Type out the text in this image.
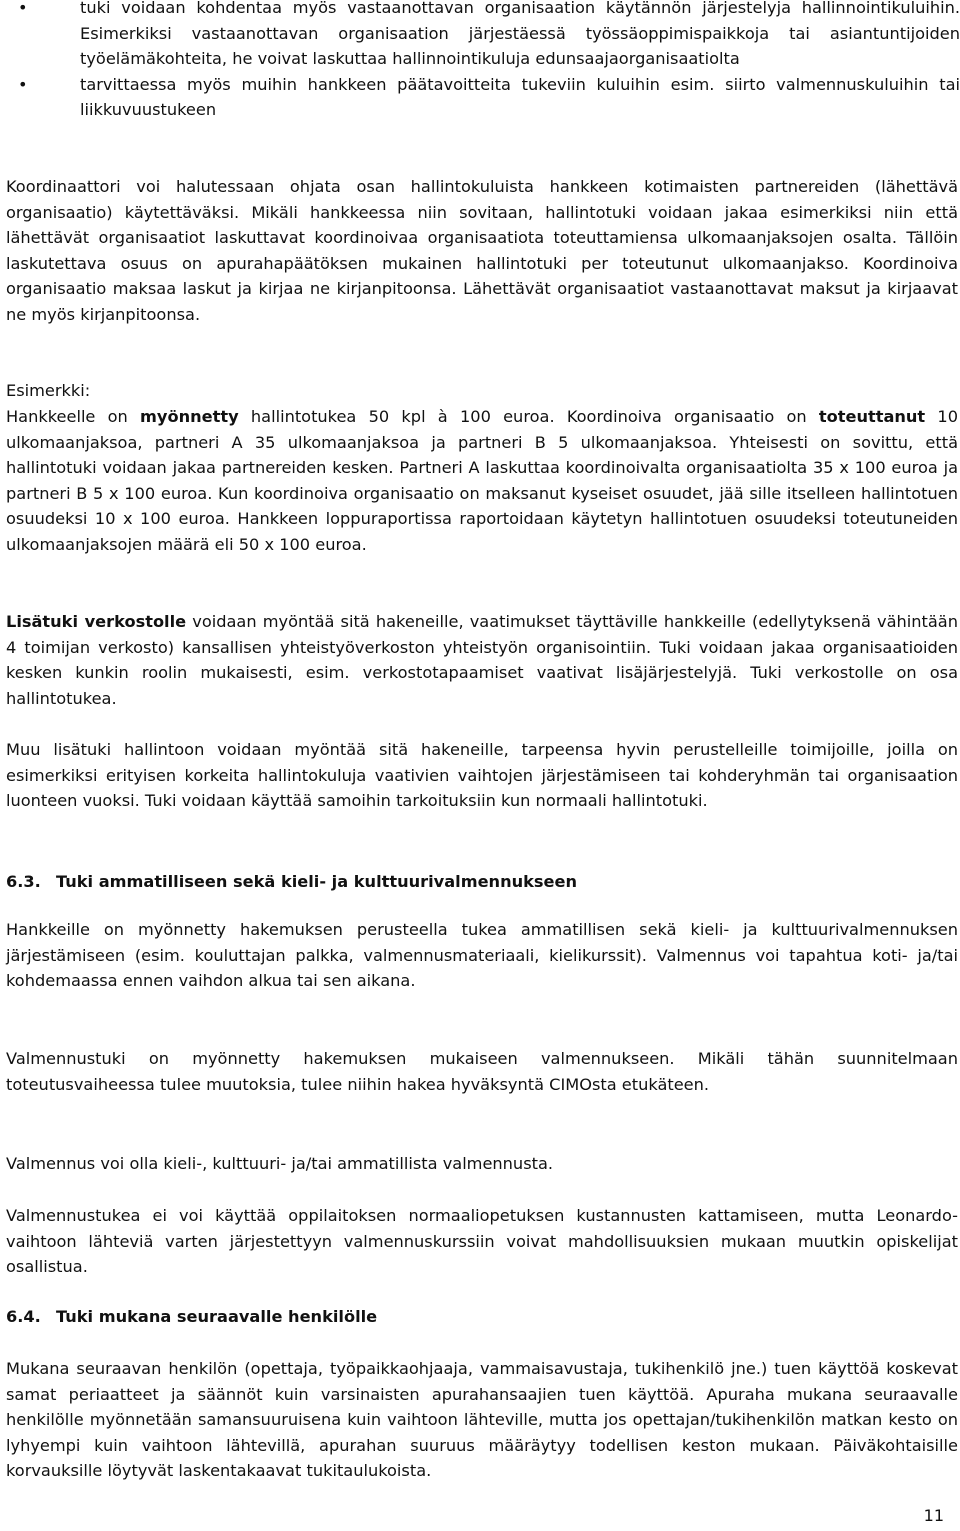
•	tuki voidaan kohdentaa myös vastaanottavan organisaation käytännön järjestelyja hallinnointikuluihin. Esimerkiksi vastaanottavan organisaation järjestäessä työssäoppimispaikkoja tai asiantuntijoiden työelämäkohteita, he voivat laskuttaa hallinnointikuluja edunsaajaorganisaatiolta
•	tarvittaessa myös muihin hankkeen päätavoitteita tukeviin kuluihin esim. siirto valmennuskuluihin tai liikkuvuustukeen

Koordinaattori voi halutessaan ohjata osan hallintokuluista hankkeen kotimaisten partnereiden (lähettävä organisaatio) käytettäväksi. Mikäli hankkeessa niin sovitaan, hallintotuki voidaan jakaa esimerkiksi niin että lähettävät organisaatiot laskuttavat koordinoivaa organisaatiota toteuttamiensa ulkomaanjaksojen osalta. Tällöin laskutettava osuus on apurahapäätöksen mukainen hallintotuki per toteutunut ulkomaanjakso. Koordinoiva organisaatio maksaa laskut ja kirjaa ne kirjanpitoonsa. Lähettävät organisaatiot vastaanottavat maksut ja kirjaavat ne myös kirjanpitoonsa.

Esimerkki:

Hankkeelle on myönnetty hallintotukea 50 kpl à 100 euroa. Koordinoiva organisaatio on toteuttanut 10 ulkomaanjaksoa, partneri A 35 ulkomaanjaksoa ja partneri B 5 ulkomaanjaksoa. Yhteisesti on sovittu, että hallintotuki voidaan jakaa partnereiden kesken. Partneri A laskuttaa koordinoivalta organisaatiolta 35 x 100 euroa ja partneri B 5 x 100 euroa. Kun koordinoiva organisaatio on maksanut kyseiset osuudet, jää sille itselleen hallintotuen osuudeksi 10 x 100 euroa. Hankkeen loppuraportissa raportoidaan käytetyn hallintotuen osuudeksi toteutuneiden ulkomaanjaksojen määrä eli 50 x 100 euroa.

Lisätuki verkostolle voidaan myöntää sitä hakeneille, vaatimukset täyttäville hankkeille (edellytyksenä vähintään 4 toimijan verkosto) kansallisen yhteistyöverkoston yhteistyön organisointiin. Tuki voidaan jakaa organisaatioiden kesken kunkin roolin mukaisesti, esim. verkostotapaamiset vaativat lisäjärjestelyjä. Tuki verkostolle on osa hallintotukea.

Muu lisätuki hallintoon voidaan myöntää sitä hakeneille, tarpeensa hyvin perustelleille toimijoille, joilla on esimerkiksi erityisen korkeita hallintokuluja vaativien vaihtojen järjestämiseen tai kohderyhmän tai organisaation luonteen vuoksi. Tuki voidaan käyttää samoihin tarkoituksiin kun normaali hallintotuki.

6.3. Tuki ammatilliseen sekä kieli- ja kulttuurivalmennukseen

Hankkeille on myönnetty hakemuksen perusteella tukea ammatillisen sekä kieli- ja kulttuurivalmennuksen järjestämiseen (esim. kouluttajan palkka, valmennusmateriaali, kielikurssit). Valmennus voi tapahtua koti- ja/tai kohdemaassa ennen vaihdon alkua tai sen aikana.

Valmennustuki on myönnetty hakemuksen mukaiseen valmennukseen. Mikäli tähän suunnitelmaan toteutusvaiheessa tulee muutoksia, tulee niihin hakea hyväksyntä CIMOsta etukäteen.

Valmennus voi olla kieli-, kulttuuri- ja/tai ammatillista valmennusta.

Valmennustukea ei voi käyttää oppilaitoksen normaaliopetuksen kustannusten kattamiseen, mutta Leonardo-vaihtoon lähteviä varten järjestettyyn valmennuskurssiin voivat mahdollisuuksien mukaan muutkin opiskelijat osallistua.

6.4. Tuki mukana seuraavalle henkilölle

Mukana seuraavan henkilön (opettaja, työpaikkaohjaaja, vammaisavustaja, tukihenkilö jne.) tuen käyttöä koskevat samat periaatteet ja säännöt kuin varsinaisten apurahansaajien tuen käyttöä. Apuraha mukana seuraavalle henkilölle myönnetään samansuuruisena kuin vaihtoon lähteville, mutta jos opettajan/tukihenkilön matkan kesto on lyhyempi kuin vaihtoon lähtevillä, apurahan suuruus määräytyy todellisen keston mukaan. Päiväkohtaisille korvauksille löytyvät laskentakaavat tukitaulukoista.

11
